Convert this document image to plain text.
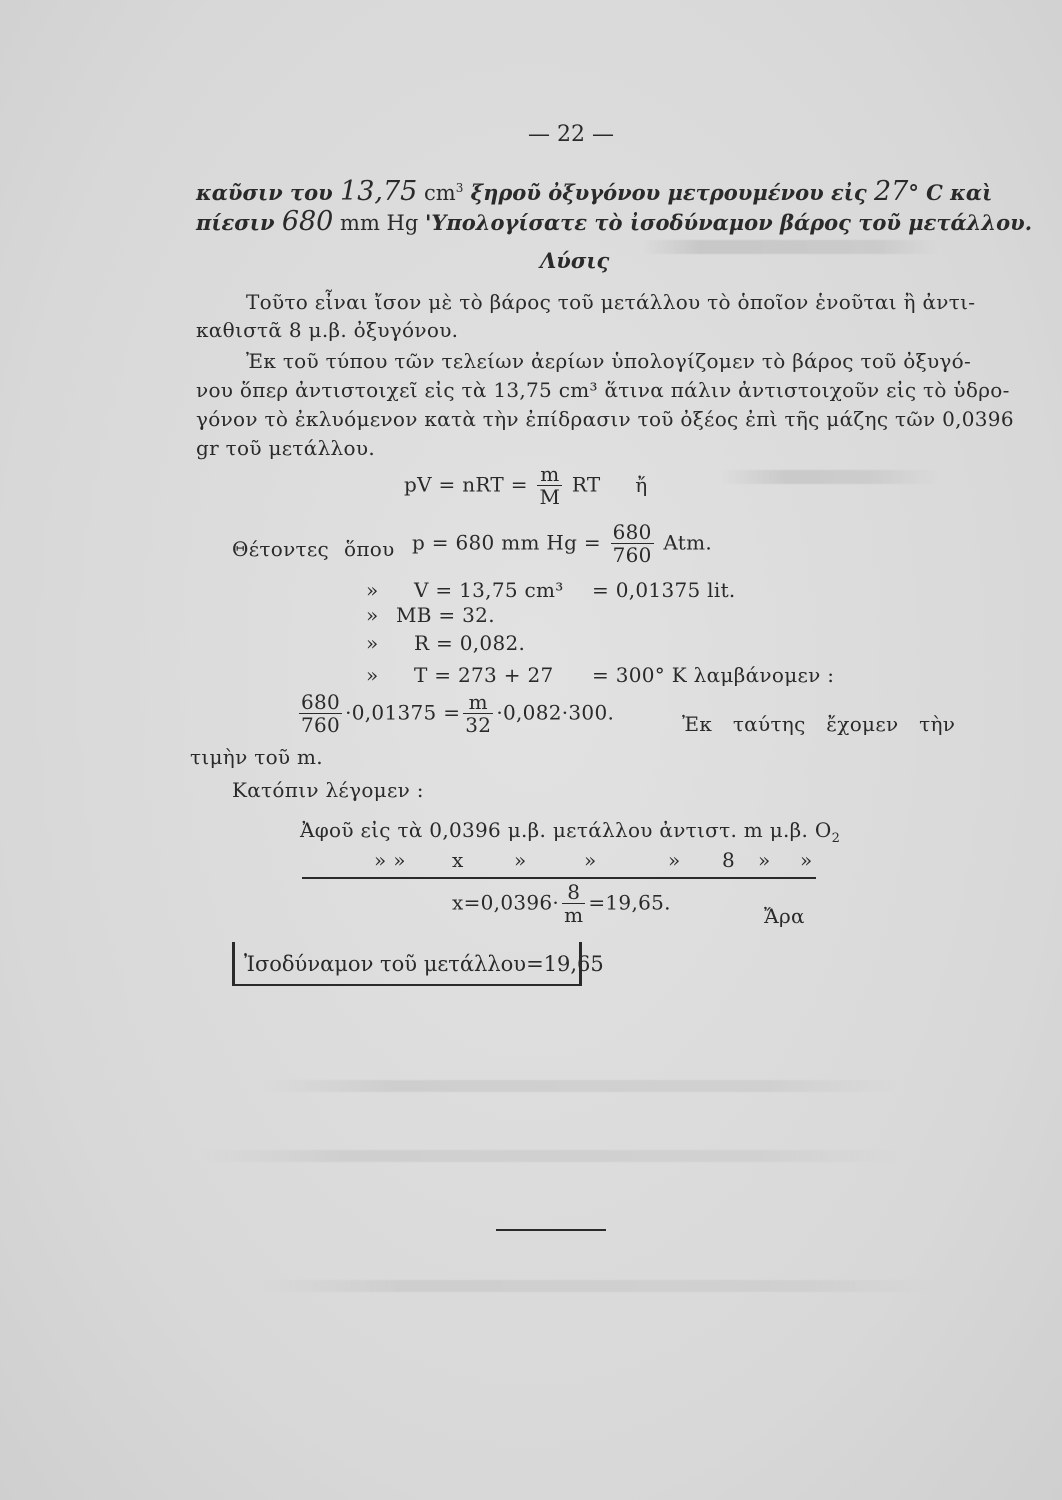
— 22 —
καῦσιν του 13,75 $cm^3$ ξηροῦ ὀξυγόνου μετρουμένου εἰς 27° C καὶ
πίεσιν 680 mm Hg 'Υπολογίσατε τὸ ἰσοδύναμον βάρος τοῦ μετάλλου.
Λύσις
Τοῦτο εἶναι ἴσον μὲ τὸ βάρος τοῦ μετάλλου τὸ ὁποῖον ἑνοῦται ἢ ἀντι-
καθιστᾶ 8 μ.β. ὀξυγόνου.
Ἐκ τοῦ τύπου τῶν τελείων ἀερίων ὑπολογίζομεν τὸ βάρος τοῦ ὀξυγό-
νου ὅπερ ἀντιστοιχεῖ εἰς τὰ 13,75 cm³ ἅτινα πάλιν ἀντιστοιχοῦν εἰς τὸ ὑδρο-
γόνον τὸ ἐκλυόμενον κατὰ τὴν ἐπίδρασιν τοῦ ὀξέος ἐπὶ τῆς μάζης τῶν 0,0396
gr τοῦ μετάλλου.
pV = nRT = $\frac{m}{M}$ RT ἤ
Θέτοντες ὅπου p = 680 mm $Hg = \frac{680}{760}$ Atm.
» V = 13,75 cm³ = 0,01375 lit.
» MB = 32.
» R = 0,082.
» T = 273 + 27 = 300° K λαμβάνομεν :
$\frac{680}{760} \cdot 0,01375 = \frac{m}{32} \cdot 0,082\cdot 300$.	Ἐκ ταύτης ἔχομεν τὴν
τιμὴν τοῦ m.
Κατόπιν λέγομεν :
Ἀφοῦ εἰς τὰ 0,0396 μ.β. μετάλλου ἀντιστ. m μ.β. $O_2$
» » x	»	»	» 8 » »
$x=0,0396\cdot \frac{8}{m} =19,65$.
Ἄρα
Ἰσοδύναμον τοῦ μετάλλου=19,65
